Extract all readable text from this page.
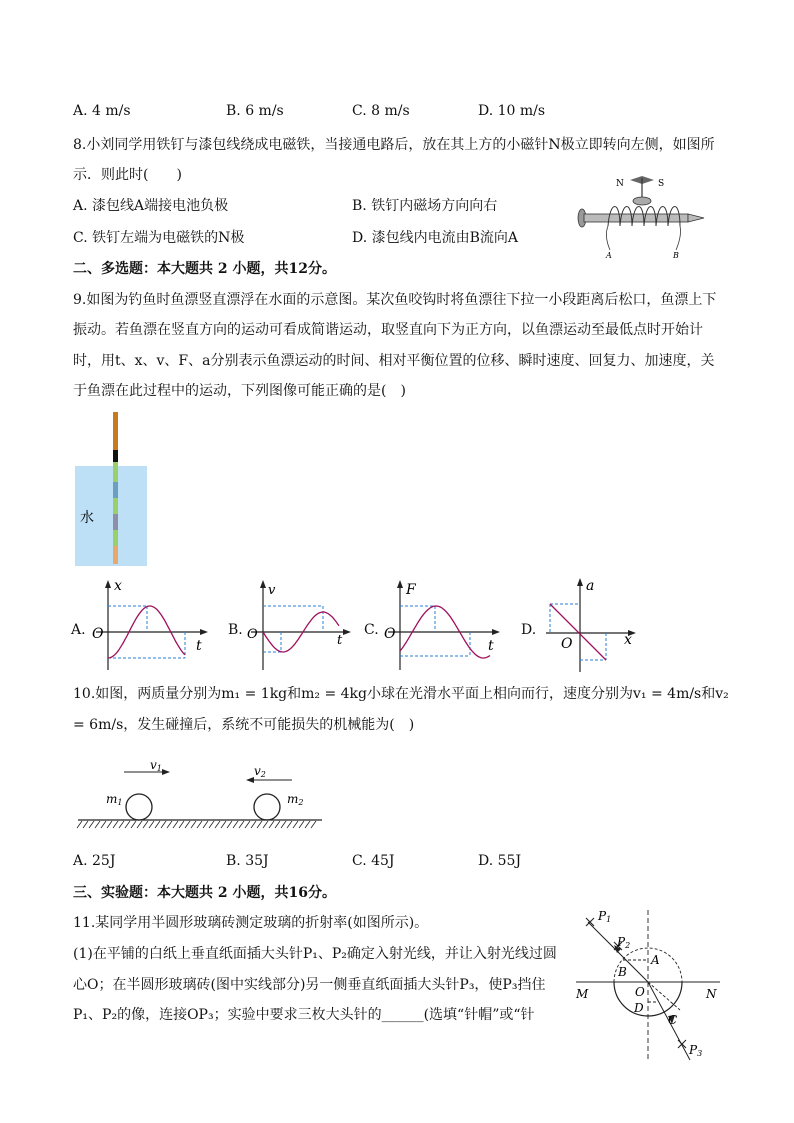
A. 4 m/s	B. 6 m/s	C. 8 m/s	D. 10 m/s
8.小刘同学用铁钉与漆包线绕成电磁铁，当接通电路后，放在其上方的小磁针N极立即转向左侧，如图所
示．则此时(　　)
A. 漆包线A端接电池负极	B. 铁钉内磁场方向向右
C. 铁钉左端为电磁铁的N极	D. 漆包线内电流由B流向A
N	S
A	B
二、多选题：本大题共 2 小题，共12分。
9.如图为钓鱼时鱼漂竖直漂浮在水面的示意图。某次鱼咬钩时将鱼漂往下拉一小段距离后松口，鱼漂上下
振动。若鱼漂在竖直方向的运动可看成简谐运动，取竖直向下为正方向，以鱼漂运动至最低点时开始计
时，用t、x、v、F、a分别表示鱼漂运动的时间、相对平衡位置的位移、瞬时速度、回复力、加速度，关
于鱼漂在此过程中的运动，下列图像可能正确的是(　)
水
A.
x
t
O	B.
v
t
O	C.
F
t
O	D.
a
x
O
10.如图，两质量分别为m₁ = 1kg和m₂ = 4kg小球在光滑水平面上相向而行，速度分别为v₁ = 4m/s和v₂
= 6m/s，发生碰撞后，系统不可能损失的机械能为(　)
v1	v2
m1	m2
A. 25J	B. 35J	C. 45J	D. 55J
三、实验题：本大题共 2 小题，共16分。
11.某同学用半圆形玻璃砖测定玻璃的折射率(如图所示)。
(1)在平铺的白纸上垂直纸面插大头针P₁、P₂确定入射光线，并让入射光线过圆
心O；在半圆形玻璃砖(图中实线部分)另一侧垂直纸面插大头针P₃，使P₃挡住
P₁、P₂的像，连接OP₃；实验中要求三枚大头针的______(选填“针帽”或“针
P1
P2
P3
A
B
C
D
O
M	N
